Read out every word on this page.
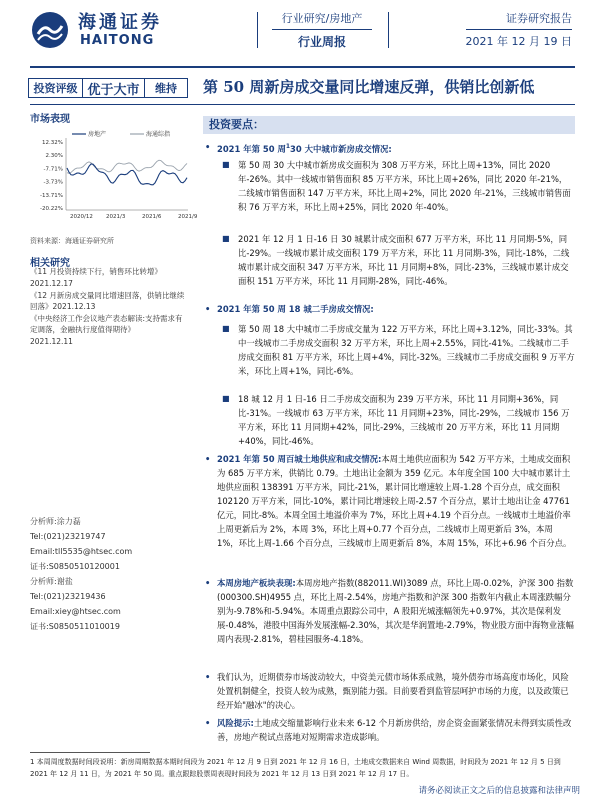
海通证券
HAITONG
行业研究/房地产
行业周报
证券研究报告
2021 年 12 月 19 日
投资评级 优于大市	维持	第 50 周新房成交量同比增速反弹，供销比创新低
市场表现
12.32%
2.30%
-7.71%
-3.73%
-13.71%
-20.22%
2020/12 2021/3	2021/6	2021/9
房地产	海通综指
资料来源：海通证券研究所
相关研究
《11 月投资持续下行，销售环比转增》
2021.12.17
《12 月新房成交量同比增速回落，供销比继续回落》2021.12.13
《中央经济工作会议地产表态解读:支持需求有定调落，金融执行度值得期待》
2021.12.11
分析师:涂力磊
Tel:(021)23219747
Email:tll5535@htsec.com
证书:S0850510120001
分析师:谢盐
Tel:(021)23219436
Email:xiey@htsec.com
证书:S0850511010019
投资要点：
• 2021 年第 50 周$^1$30 大中城市新房成交情况:
■ 第 50 周 30 大中城市新房成交面积为 308 万平方米，环比上周+13%，同比 2020 年-26%。其中一线城市销售面积 85 万平方米，环比上周+26%，同比 2020 年-21%，二线城市销售面积 147 万平方米，环比上周+2%，同比 2020 年-21%，三线城市销售面积 76 万平方米，环比上周+25%，同比 2020 年-40%。
■ 2021 年 12 月 1 日-16 日 30 城累计成交面积 677 万平方米，环比 11 月同期-5%，同比-29%。一线城市累计成交面积 179 万平方米，环比 11 月同期-3%，同比-18%，二线城市累计成交面积 347 万平方米，环比 11 月同期+8%，同比-23%，三线城市累计成交面积 151 万平方米，环比 11 月同期-28%，同比-46%。
• 2021 年第 50 周 18 城二手房成交情况:
■ 第 50 周 18 大中城市二手房成交量为 122 万平方米，环比上周+3.12%，同比-33%。其中一线城市二手房成交面积 32 万平方米，环比上周+2.55%，同比-41%。二线城市二手房成交面积 81 万平方米，环比上周+4%，同比-32%。三线城市二手房成交面积 9 万平方米，环比上周+1%，同比-6%。
■ 18 城 12 月 1 日-16 日二手房成交面积为 239 万平方米，环比 11 月同期+36%，同比-31%。一线城市 63 万平方米，环比 11 月同期+23%，同比-29%，二线城市 156 万平方米，环比 11 月同期+42%，同比-29%，三线城市 20 万平方米，环比 11 月同期+40%，同比-46%。
• 2021 年第 50 周百城土地供应和成交情况:本周土地供应面积为 542 万平方米，土地成交面积为 685 万平方米，供销比 0.79。土地出让金额为 359 亿元。本年度全国 100 大中城市累计土地供应面积 138391 万平方米，同比-21%，累计同比增速较上周-1.28 个百分点，成交面积 102120 万平方米，同比-10%，累计同比增速较上周-2.57 个百分点，累计土地出让金 47761 亿元，同比-8%。本周全国土地溢价率为 7%，环比上周+4.19 个百分点。一线城市土地溢价率上周更新后为 2%，本周 3%，环比上周+0.77 个百分点，二线城市上周更新后 3%，本周 1%，环比上周-1.66 个百分点，三线城市上周更新后 8%，本周 15%，环比+6.96 个百分点。
• 本周房地产板块表现:本周房地产指数(882011.WI)3089 点，环比上周-0.02%，沪深 300 指数(000300.SH)4955 点，环比上周-2.54%，房地产指数和沪深 300 指数年内截止本周涨跌幅分别为-9.78%和-5.94%。本周重点跟踪公司中，A 股阳光城涨幅领先+0.97%，其次是保利发展-0.48%，港股中国海外发展涨幅-2.30%，其次是华润置地-2.79%，物业股方面中海物业涨幅周内表现-2.81%，碧桂园服务-4.18%。
• 我们认为，近期债券市场波动较大，中资美元债市场体系成熟，境外债券市场高度市场化，风险处置机制健全，投资人较为成熟，甄别能力强。目前要看到监管层呵护市场的力度，以及政策已经开始"融冰"的决心。
• 风险提示:土地成交缩量影响行业未来 6-12 个月新房供给，房企资金面紧张情况未得到实质性改善，房地产税试点落地对短期需求造成影响。
1 本周周度数据时间段说明：新房周期数据本期时间段为 2021 年 12 月 9 日到 2021 年 12 月 16 日，土地成交数据来自 Wind 周数据，时间段为 2021 年 12 月 5 日到 2021 年 12 月 11 日，为 2021 年 50 周。重点跟踪股票周表现时间段为 2021 年 12 月 13 日到 2021 年 12 月 17 日。
请务必阅读正文之后的信息披露和法律声明
